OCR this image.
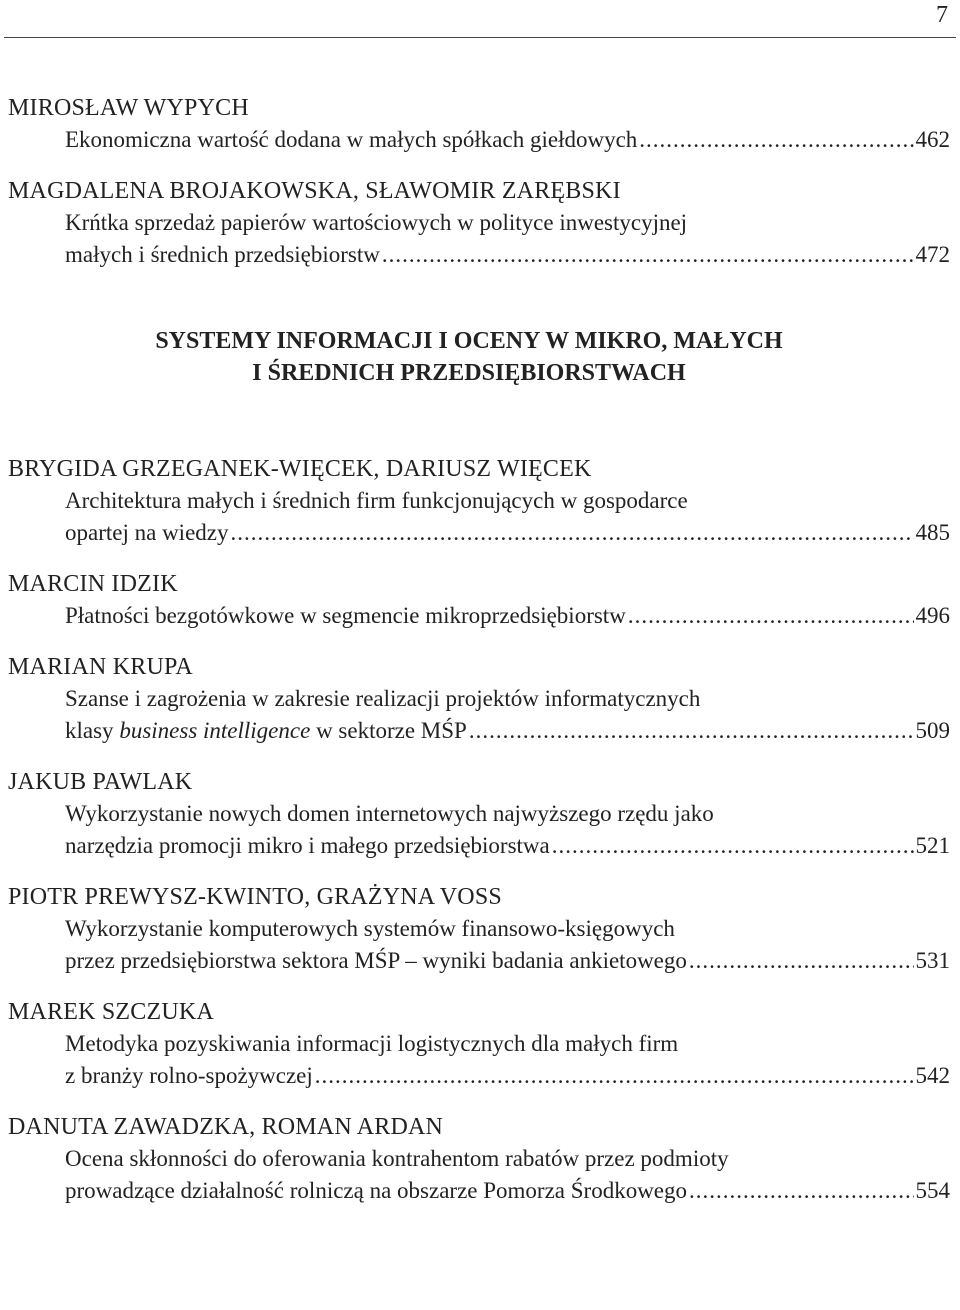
7
MIROSŁAW WYPYCH
Ekonomiczna wartość dodana w małych spółkach giełdowych .....	462
MAGDALENA BROJAKOWSKA, SŁAWOMIR ZARĘBSKI
Krńtka sprzedaż papierów wartościowych w polityce inwestycyjnej
małych i średnich przedsiębiorstw .....	472
SYSTEMY INFORMACJI I OCENY W MIKRO, MAŁYCH
I ŚREDNICH PRZEDSIĘBIORSTWACH
BRYGIDA GRZEGANEK-WIĘCEK, DARIUSZ WIĘCEK
Architektura małych i średnich firm funkcjonujących w gospodarce
opartej na wiedzy .....	485
MARCIN IDZIK
Płatności bezgotówkowe w segmencie mikroprzedsiębiorstw .....	496
MARIAN KRUPA
Szanse i zagrożenia w zakresie realizacji projektów informatycznych
klasy business intelligence w sektorze MŚP .....	509
JAKUB PAWLAK
Wykorzystanie nowych domen internetowych najwyższego rzędu jako
narzędzia promocji mikro i małego przedsiębiorstwa .....	521
PIOTR PREWYSZ-KWINTO, GRAŻYNA VOSS
Wykorzystanie komputerowych systemów finansowo-księgowych
przez przedsiębiorstwa sektora MŚP – wyniki badania ankietowego .....	531
MAREK SZCZUKA
Metodyka pozyskiwania informacji logistycznych dla małych firm
z branży rolno-spożywczej .....	542
DANUTA ZAWADZKA, ROMAN ARDAN
Ocena skłonności do oferowania kontrahentom rabatów przez podmioty
prowadzące działalność rolniczą na obszarze Pomorza Środkowego .....	554
